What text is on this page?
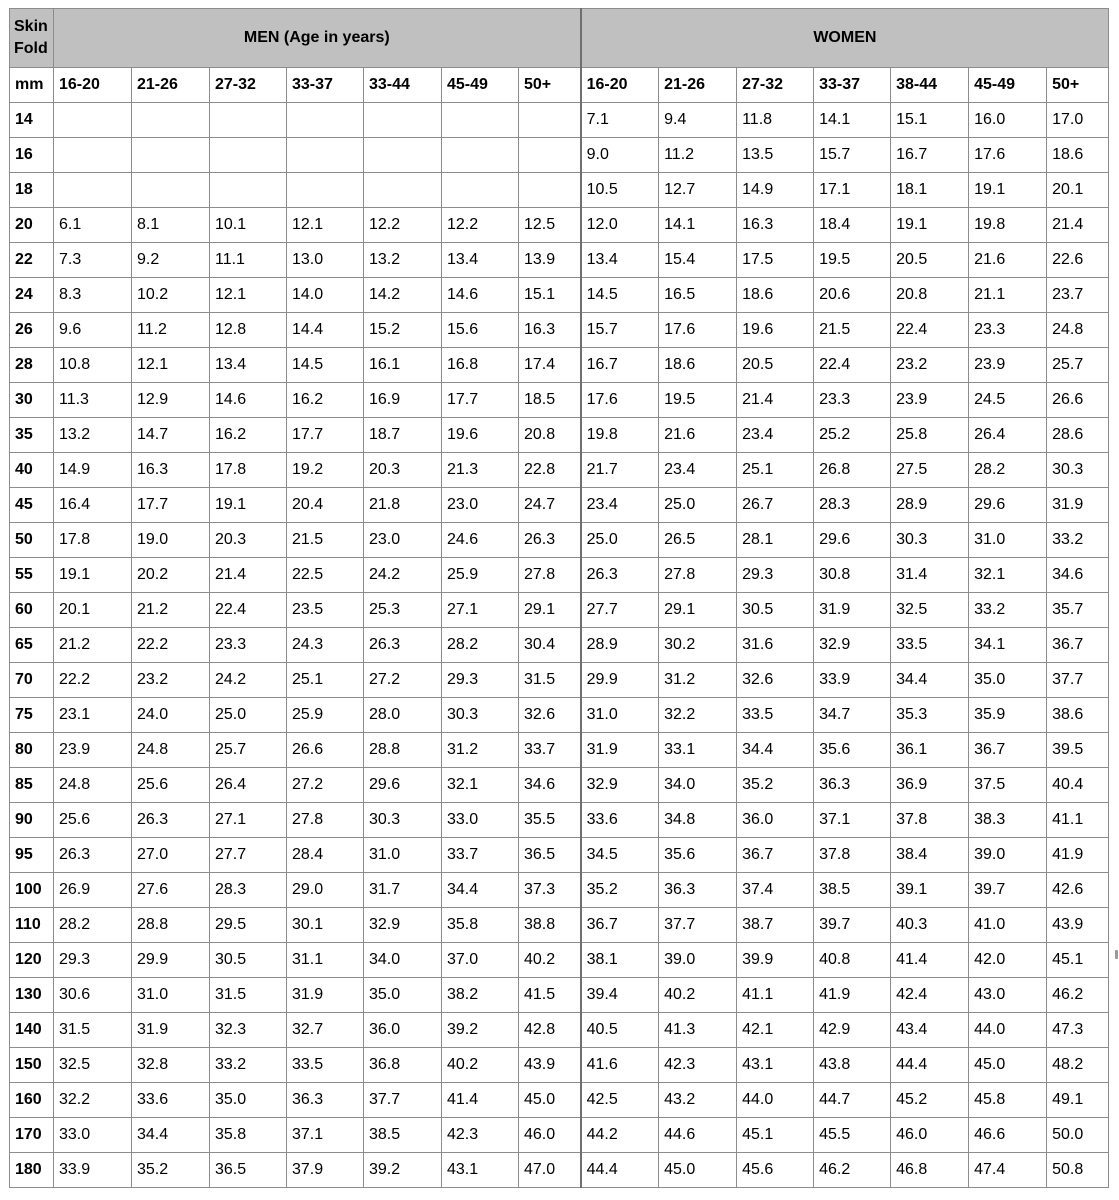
Skin
Fold	MEN (Age in years)							WOMEN						
mm	16-20	21-26	27-32	33-37	33-44	45-49	50+	16-20	21-26	27-32	33-37	38-44	45-49	50+
14								7.1	9.4	11.8	14.1	15.1	16.0	17.0
16								9.0	11.2	13.5	15.7	16.7	17.6	18.6
18								10.5	12.7	14.9	17.1	18.1	19.1	20.1
20	6.1	8.1	10.1	12.1	12.2	12.2	12.5	12.0	14.1	16.3	18.4	19.1	19.8	21.4
22	7.3	9.2	11.1	13.0	13.2	13.4	13.9	13.4	15.4	17.5	19.5	20.5	21.6	22.6
24	8.3	10.2	12.1	14.0	14.2	14.6	15.1	14.5	16.5	18.6	20.6	20.8	21.1	23.7
26	9.6	11.2	12.8	14.4	15.2	15.6	16.3	15.7	17.6	19.6	21.5	22.4	23.3	24.8
28	10.8	12.1	13.4	14.5	16.1	16.8	17.4	16.7	18.6	20.5	22.4	23.2	23.9	25.7
30	11.3	12.9	14.6	16.2	16.9	17.7	18.5	17.6	19.5	21.4	23.3	23.9	24.5	26.6
35	13.2	14.7	16.2	17.7	18.7	19.6	20.8	19.8	21.6	23.4	25.2	25.8	26.4	28.6
40	14.9	16.3	17.8	19.2	20.3	21.3	22.8	21.7	23.4	25.1	26.8	27.5	28.2	30.3
45	16.4	17.7	19.1	20.4	21.8	23.0	24.7	23.4	25.0	26.7	28.3	28.9	29.6	31.9
50	17.8	19.0	20.3	21.5	23.0	24.6	26.3	25.0	26.5	28.1	29.6	30.3	31.0	33.2
55	19.1	20.2	21.4	22.5	24.2	25.9	27.8	26.3	27.8	29.3	30.8	31.4	32.1	34.6
60	20.1	21.2	22.4	23.5	25.3	27.1	29.1	27.7	29.1	30.5	31.9	32.5	33.2	35.7
65	21.2	22.2	23.3	24.3	26.3	28.2	30.4	28.9	30.2	31.6	32.9	33.5	34.1	36.7
70	22.2	23.2	24.2	25.1	27.2	29.3	31.5	29.9	31.2	32.6	33.9	34.4	35.0	37.7
75	23.1	24.0	25.0	25.9	28.0	30.3	32.6	31.0	32.2	33.5	34.7	35.3	35.9	38.6
80	23.9	24.8	25.7	26.6	28.8	31.2	33.7	31.9	33.1	34.4	35.6	36.1	36.7	39.5
85	24.8	25.6	26.4	27.2	29.6	32.1	34.6	32.9	34.0	35.2	36.3	36.9	37.5	40.4
90	25.6	26.3	27.1	27.8	30.3	33.0	35.5	33.6	34.8	36.0	37.1	37.8	38.3	41.1
95	26.3	27.0	27.7	28.4	31.0	33.7	36.5	34.5	35.6	36.7	37.8	38.4	39.0	41.9
100	26.9	27.6	28.3	29.0	31.7	34.4	37.3	35.2	36.3	37.4	38.5	39.1	39.7	42.6
110	28.2	28.8	29.5	30.1	32.9	35.8	38.8	36.7	37.7	38.7	39.7	40.3	41.0	43.9
120	29.3	29.9	30.5	31.1	34.0	37.0	40.2	38.1	39.0	39.9	40.8	41.4	42.0	45.1
130	30.6	31.0	31.5	31.9	35.0	38.2	41.5	39.4	40.2	41.1	41.9	42.4	43.0	46.2
140	31.5	31.9	32.3	32.7	36.0	39.2	42.8	40.5	41.3	42.1	42.9	43.4	44.0	47.3
150	32.5	32.8	33.2	33.5	36.8	40.2	43.9	41.6	42.3	43.1	43.8	44.4	45.0	48.2
160	32.2	33.6	35.0	36.3	37.7	41.4	45.0	42.5	43.2	44.0	44.7	45.2	45.8	49.1
170	33.0	34.4	35.8	37.1	38.5	42.3	46.0	44.2	44.6	45.1	45.5	46.0	46.6	50.0
180	33.9	35.2	36.5	37.9	39.2	43.1	47.0	44.4	45.0	45.6	46.2	46.8	47.4	50.8
